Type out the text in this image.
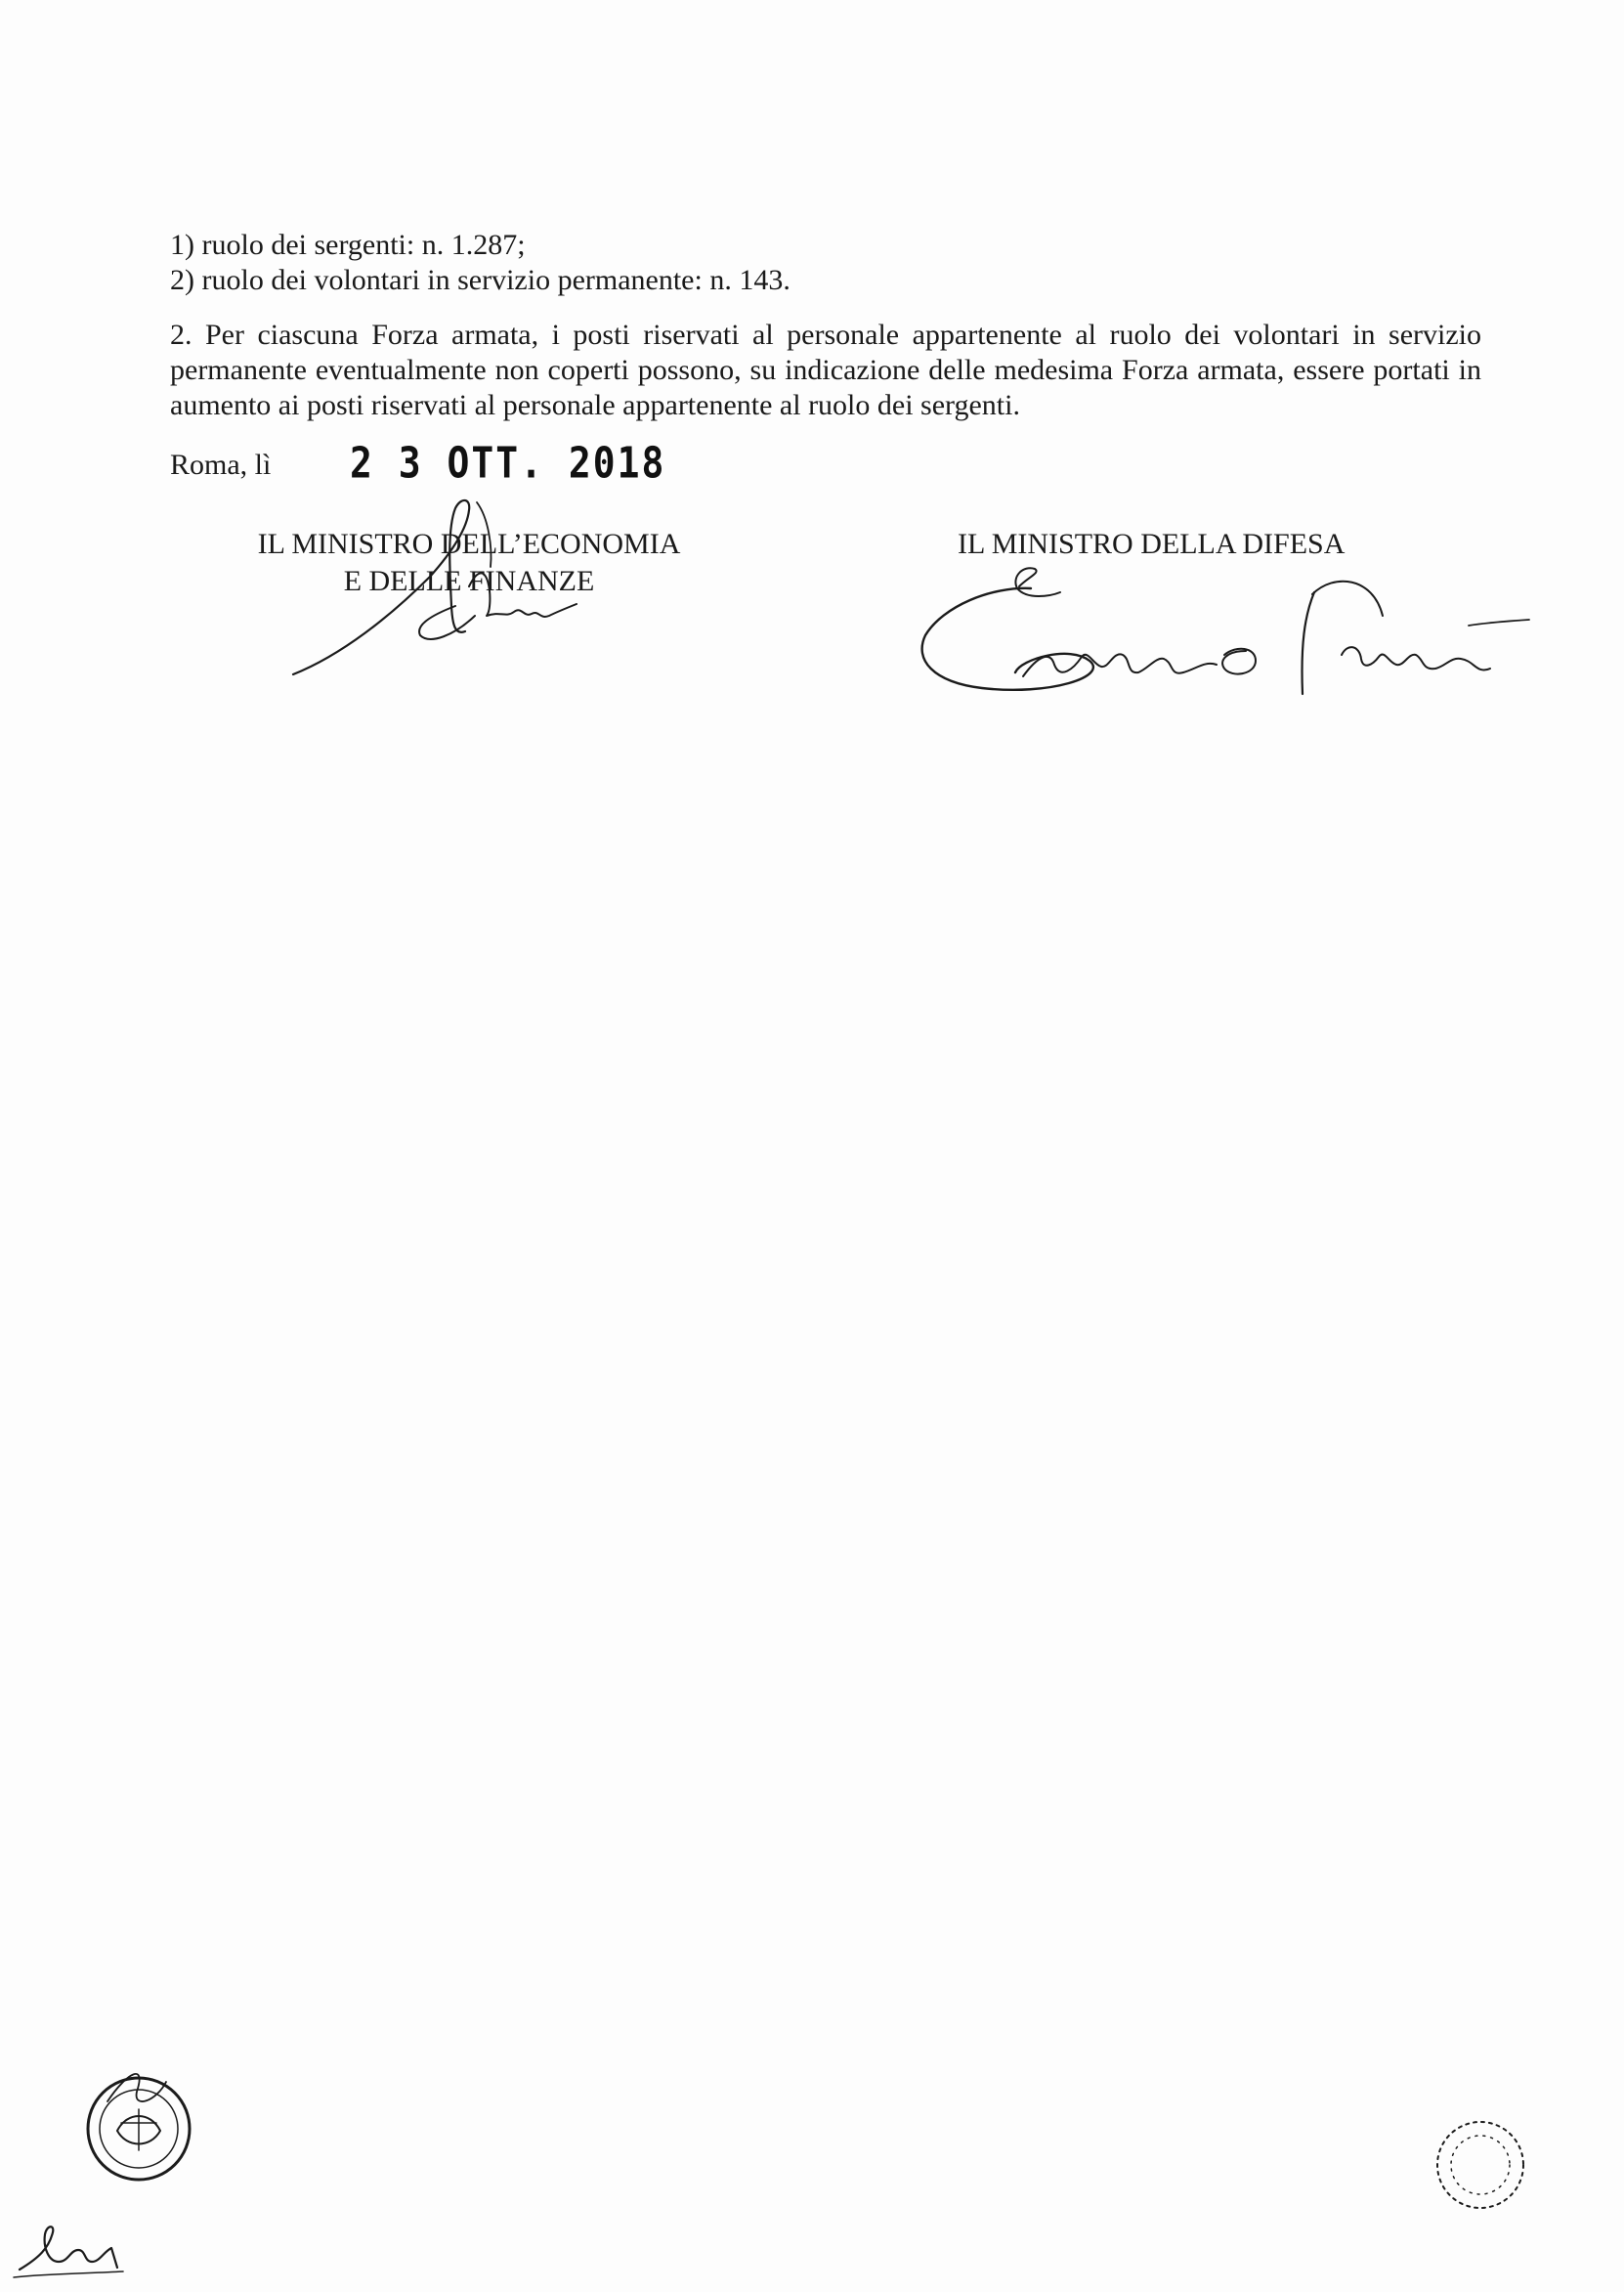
1) ruolo dei sergenti: n. 1.287;
2) ruolo dei volontari in servizio permanente: n. 143.
2. Per ciascuna Forza armata, i posti riservati al personale appartenente al ruolo dei volontari in servizio permanente eventualmente non coperti possono, su indicazione delle medesima Forza armata, essere portati in aumento ai posti riservati al personale appartenente al ruolo dei sergenti.
Roma, lì 2 3 OTT. 2018
IL MINISTRO DELL’ECONOMIA
E DELLE FINANZE
IL MINISTRO DELLA DIFESA
